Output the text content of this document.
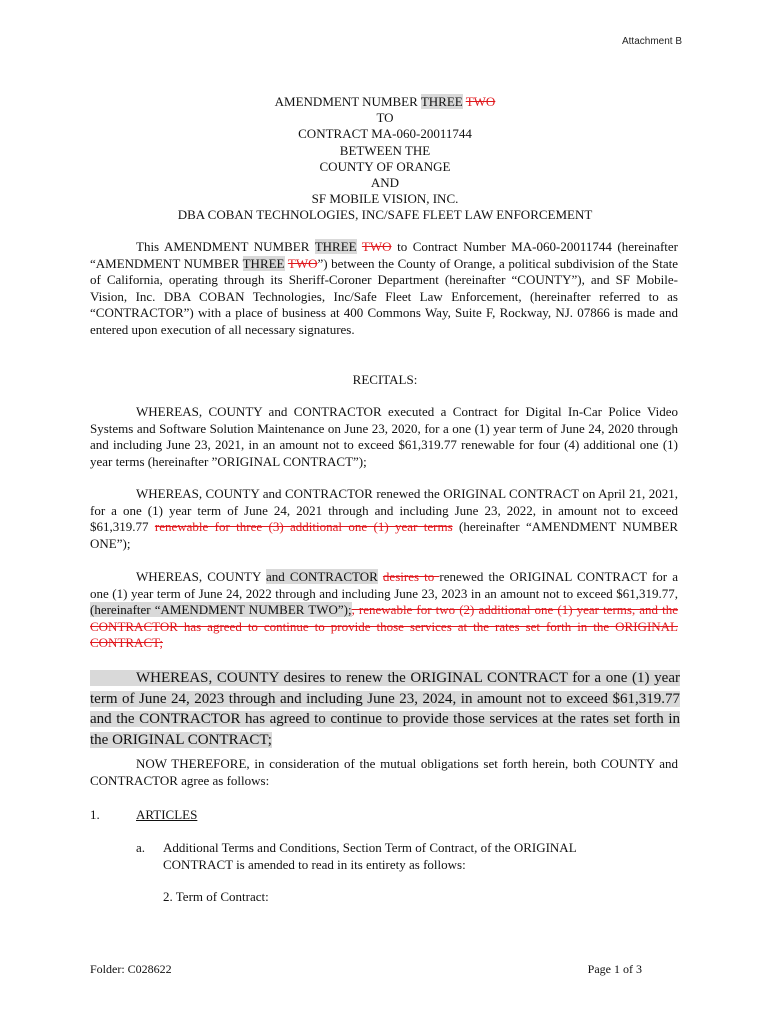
Attachment B
AMENDMENT NUMBER THREE TWO
TO
CONTRACT MA-060-20011744
BETWEEN THE
COUNTY OF ORANGE
AND
SF MOBILE VISION, INC.
DBA COBAN TECHNOLOGIES, INC/SAFE FLEET LAW ENFORCEMENT
This AMENDMENT NUMBER THREE TWO to Contract Number MA-060-20011744 (hereinafter “AMENDMENT NUMBER THREE TWO”) between the County of Orange, a political subdivision of the State of California, operating through its Sheriff-Coroner Department (hereinafter “COUNTY”), and SF Mobile-Vision, Inc. DBA COBAN Technologies, Inc/Safe Fleet Law Enforcement, (hereinafter referred to as “CONTRACTOR”) with a place of business at 400 Commons Way, Suite F, Rockway, NJ. 07866 is made and entered upon execution of all necessary signatures.
RECITALS:
WHEREAS, COUNTY and CONTRACTOR executed a Contract for Digital In-Car Police Video Systems and Software Solution Maintenance on June 23, 2020, for a one (1) year term of June 24, 2020 through and including June 23, 2021, in an amount not to exceed $61,319.77 renewable for four (4) additional one (1) year terms (hereinafter ”ORIGINAL CONTRACT”);
WHEREAS, COUNTY and CONTRACTOR renewed the ORIGINAL CONTRACT on April 21, 2021, for a one (1) year term of June 24, 2021 through and including June 23, 2022, in amount not to exceed $61,319.77 renewable for three (3) additional one (1) year terms (hereinafter “AMENDMENT NUMBER ONE”);
WHEREAS, COUNTY and CONTRACTOR desires to renewed the ORIGINAL CONTRACT for a one (1) year term of June 24, 2022 through and including June 23, 2023 in an amount not to exceed $61,319.77, (hereinafter “AMENDMENT NUMBER TWO”);, renewable for two (2) additional one (1) year terms, and the CONTRACTOR has agreed to continue to provide those services at the rates set forth in the ORIGINAL CONTRACT;
WHEREAS, COUNTY desires to renew the ORIGINAL CONTRACT for a one (1) year term of June 24, 2023 through and including June 23, 2024, in amount not to exceed $61,319.77 and the CONTRACTOR has agreed to continue to provide those services at the rates set forth in the ORIGINAL CONTRACT;
NOW THEREFORE, in consideration of the mutual obligations set forth herein, both COUNTY and CONTRACTOR agree as follows:
1.	ARTICLES
a. Additional Terms and Conditions, Section Term of Contract, of the ORIGINAL CONTRACT is amended to read in its entirety as follows:
2. Term of Contract:
Folder: C028622	Page 1 of 3
